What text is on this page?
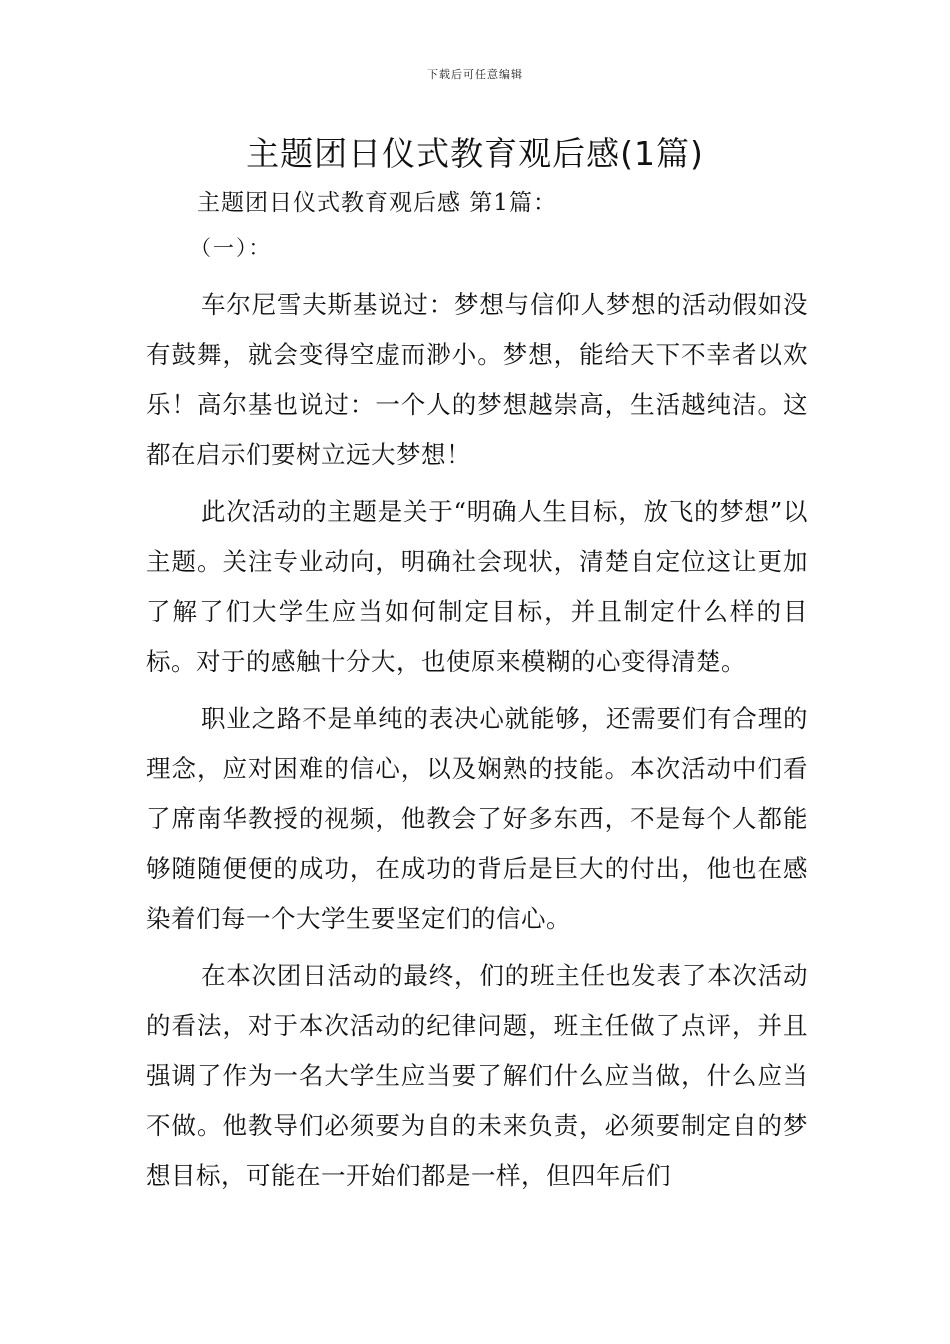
下载后可任意编辑
主题团日仪式教育观后感(1篇)
主题团日仪式教育观后感 第1篇：
（一）：

车尔尼雪夫斯基说过：梦想与信仰人梦想的活动假如没有鼓舞，就会变得空虚而渺小。梦想，能给天下不幸者以欢乐！高尔基也说过：一个人的梦想越崇高，生活越纯洁。这都在启示们要树立远大梦想！

此次活动的主题是关于“明确人生目标，放飞的梦想”以主题。关注专业动向，明确社会现状，清楚自定位这让更加了解了们大学生应当如何制定目标，并且制定什么样的目标。对于的感触十分大，也使原来模糊的心变得清楚。

职业之路不是单纯的表决心就能够，还需要们有合理的理念，应对困难的信心，以及娴熟的技能。本次活动中们看了席南华教授的视频，他教会了好多东西，不是每个人都能够随随便便的成功，在成功的背后是巨大的付出，他也在感染着们每一个大学生要坚定们的信心。

在本次团日活动的最终，们的班主任也发表了本次活动的看法，对于本次活动的纪律问题，班主任做了点评，并且强调了作为一名大学生应当要了解们什么应当做，什么应当不做。他教导们必须要为自的未来负责，必须要制定自的梦想目标，可能在一开始们都是一样，但四年后们
